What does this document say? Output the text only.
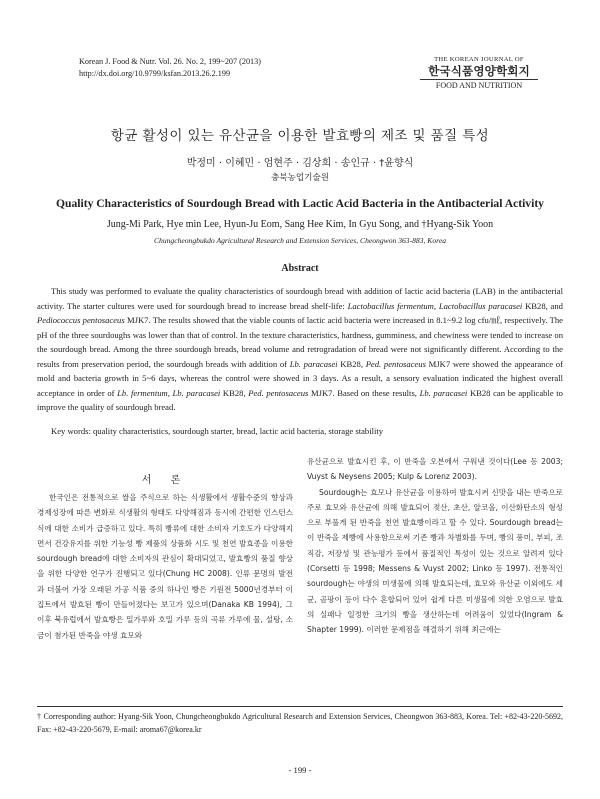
Korean J. Food & Nutr. Vol. 26. No. 2, 199~207 (2013)
http://dx.doi.org/10.9799/ksfan.2013.26.2.199
THE KOREAN JOURNAL OF
한국식품영양학회지
FOOD AND NUTRITION
항균 활성이 있는 유산균을 이용한 발효빵의 제조 및 품질 특성
박정미 · 이혜민 · 엄현주 · 김상희 · 송인규 · †윤향식
충북농업기술원
Quality Characteristics of Sourdough Bread with Lactic Acid Bacteria in the Antibacterial Activity
Jung-Mi Park, Hye min Lee, Hyun-Ju Eom, Sang Hee Kim, In Gyu Song, and †Hyang-Sik Yoon
Chungcheongbukdo Agricultural Research and Extension Services, Cheongwon 363-883, Korea
Abstract
This study was performed to evaluate the quality characteristics of sourdough bread with addition of lactic acid bacteria (LAB) in the antibacterial activity. The starter cultures were used for sourdough bread to increase bread shelf-life: Lactobacillus fermentum, Lactobacillus paracasei KB28, and Pediococcus pentosaceus MJK7. The results showed that the viable counts of lactic acid bacteria were increased in 8.1~9.2 log cfu/㎖, respectively. The pH of the three sourdoughs was lower than that of control. In the texture characteristics, hardness, gumminess, and chewiness were tended to increase on the sourdough bread. Among the three sourdough breads, bread volume and retrogradation of bread were not significantly different. According to the results from preservation period, the sourdough breads with addition of Lb. paracasei KB28, Ped. pentosaceus MJK7 were showed the appearance of mold and bacteria growth in 5~6 days, whereas the control were showed in 3 days. As a result, a sensory evaluation indicated the highest overall acceptance in order of Lb. fermentum, Lb. paracasei KB28, Ped. pentosaceus MJK7. Based on these results, Lb. paracasei KB28 can be applicable to improve the quality of sourdough bread.
Key words: quality characteristics, sourdough starter, bread, lactic acid bacteria, storage stability
서 론
한국인은 전통적으로 쌀을 주식으로 하는 식생활에서 생활수준의 향상과 경제성장에 따른 변화로 식생활의 형태도 다양해짐과 동시에 간편한 인스턴스식에 대한 소비가 급증하고 있다. 특히 빵류에 대한 소비자 기호도가 다양해지면서 건강유지를 위한 기능성 빵 제품의 상품화 시도 및 천연 발효종을 이용한 sourdough bread에 대한 소비자의 관심이 확대되었고, 발효빵의 품질 향상을 위한 다양한 연구가 진행되고 있다(Chung HC 2008). 인류 문명의 발전과 더불어 가장 오래된 가공 식품 중의 하나인 빵은 기원전 5000년경부터 이집트에서 발효된 빵이 만들어졌다는 보고가 있으며(Danaka KB 1994), 그 이후 북유럽에서 발효빵은 밀가루와 호밀 가루 등의 곡류 가루에 물, 설탕, 소금이 첨가된 반죽을 야생 효모와
유산균으로 발효시킨 후, 이 반죽을 오븐에서 구워낸 것이다(Lee 등 2003; Vuyst & Neysens 2005; Kulp & Lorenz 2003).
Sourdough는 효모나 유산균을 이용하여 발효시켜 신맛을 내는 반죽으로 주로 효모와 유산균에 의해 발효되어 젖산, 초산, 알코올, 이산화탄소의 형성으로 부풀게 된 반죽을 천연 발효빵이라고 할 수 있다. Sourdough bread는 이 반죽을 제빵에 사용함으로써 기존 빵과 차별화를 두며, 빵의 풍미, 부피, 조직감, 저장성 및 관능평가 등에서 품질적인 특성이 있는 것으로 알려져 있다(Corsetti 등 1998; Messens & Vuyst 2002; Linko 등 1997). 전통적인 sourdough는 야생의 미생물에 의해 발효되는데, 효모와 유산균 이외에도 세균, 곰팡이 등이 다수 혼합되어 있어 쉽게 다른 미생물에 의한 오염으로 발효의 실패나 일정한 크기의 빵을 생산하는데 어려움이 있었다(Ingram & Shapter 1999). 이러한 문제점을 해결하기 위해 최근에는
† Corresponding author: Hyang-Sik Yoon, Chungcheongbukdo Agricultural Research and Extension Services, Cheongwon 363-883, Korea. Tel: +82-43-220-5692, Fax: +82-43-220-5679, E-mail: aroma67@korea.kr
- 199 -
